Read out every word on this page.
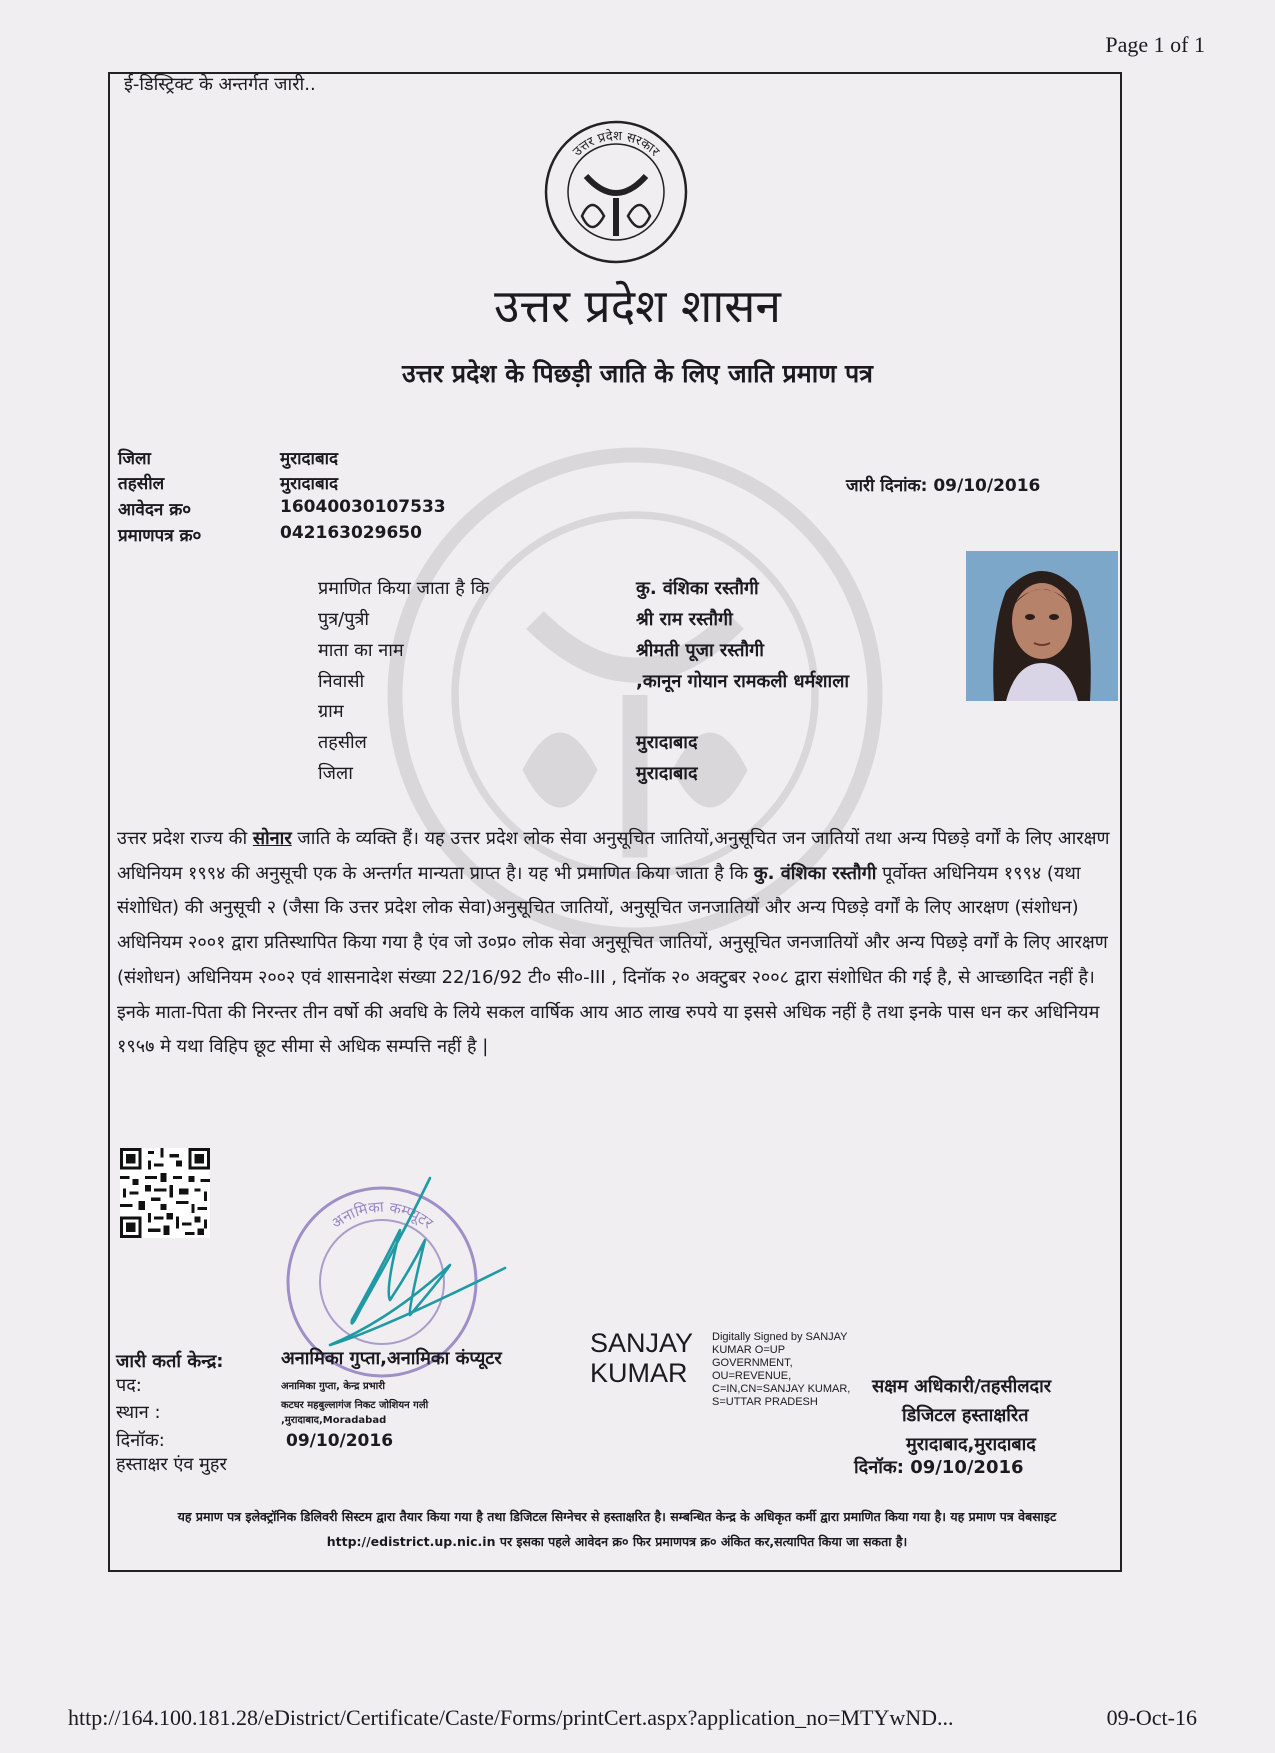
Page 1 of 1
ई-डिस्ट्रिक्ट के अन्तर्गत जारी..
उत्तर प्रदेश सरकार
उत्तर प्रदेश शासन
उत्तर प्रदेश के पिछड़ी जाति के लिए जाति प्रमाण पत्र
जिला	मुरादाबाद
तहसील	मुरादाबाद
आवेदन क्र०	16040030107533
प्रमाणपत्र क्र०	042163029650
जारी दिनांक: 09/10/2016
प्रमाणित किया जाता है कि	कु. वंशिका रस्तौगी
पुत्र/पुत्री	श्री राम रस्तौगी
माता का नाम	श्रीमती पूजा रस्तौगी
निवासी	,कानून गोयान रामकली धर्मशाला
ग्राम
तहसील	मुरादाबाद
जिला	मुरादाबाद
उत्तर प्रदेश राज्य की सोनार जाति के व्यक्ति हैं। यह उत्तर प्रदेश लोक सेवा अनुसूचित जातियों,अनुसूचित जन जातियों तथा अन्य पिछड़े वर्गों के लिए आरक्षण अधिनियम १९९४ की अनुसूची एक के अन्तर्गत मान्यता प्राप्त है। यह भी प्रमाणित किया जाता है कि कु. वंशिका रस्तौगी पूर्वोक्त अधिनियम १९९४ (यथा संशोधित) की अनुसूची २ (जैसा कि उत्तर प्रदेश लोक सेवा)अनुसूचित जातियों, अनुसूचित जनजातियों और अन्य पिछड़े वर्गों के लिए आरक्षण (संशोधन) अधिनियम २००१ द्वारा प्रतिस्थापित किया गया है एंव जो उ०प्र० लोक सेवा अनुसूचित जातियों, अनुसूचित जनजातियों और अन्य पिछड़े वर्गों के लिए आरक्षण (संशोधन) अधिनियम २००२ एवं शासनादेश संख्या 22/16/92 टी० सी०-III , दिनॉक २० अक्टुबर २००८ द्वारा संशोधित की गई है, से आच्छादित नहीं है।इनके माता-पिता की निरन्तर तीन वर्षो की अवधि के लिये सकल वार्षिक आय आठ लाख रुपये या इससे अधिक नहीं है तथा इनके पास धन कर अधिनियम १९५७ मे यथा विहिप छूट सीमा से अधिक सम्पत्ति नहीं है |
अनामिका कम्प्यूटर
जारी कर्ता केन्द्र:	अनामिका गुप्ता,अनामिका कंप्यूटर
पद:	अनामिका गुप्ता, केन्द्र प्रभारी
स्थान :	कटघर महबुल्लागंज निकट जोशियन गली ,मुरादाबाद,Moradabad
दिनॉक:	09/10/2016
हस्ताक्षर एंव मुहर
SANJAY KUMAR
Digitally Signed by SANJAY KUMAR O=UP GOVERNMENT, OU=REVENUE, C=IN,CN=SANJAY KUMAR, S=UTTAR PRADESH
सक्षम अधिकारी/तहसीलदार
डिजिटल हस्ताक्षरित
मुरादाबाद,मुरादाबाद
दिनॉक: 09/10/2016
यह प्रमाण पत्र इलेक्ट्रॉनिक डिलिवरी सिस्टम द्वारा तैयार किया गया है तथा डिजिटल सिग्नेचर से हस्ताक्षरित है। सम्बन्धित केन्द्र के अधिकृत कर्मी द्वारा प्रमाणित किया गया है। यह प्रमाण पत्र वेबसाइट http://edistrict.up.nic.in पर इसका पहले आवेदन क्र० फिर प्रमाणपत्र क्र० अंकित कर,सत्यापित किया जा सकता है।
http://164.100.181.28/eDistrict/Certificate/Caste/Forms/printCert.aspx?application_no=MTYwND...	09-Oct-16
